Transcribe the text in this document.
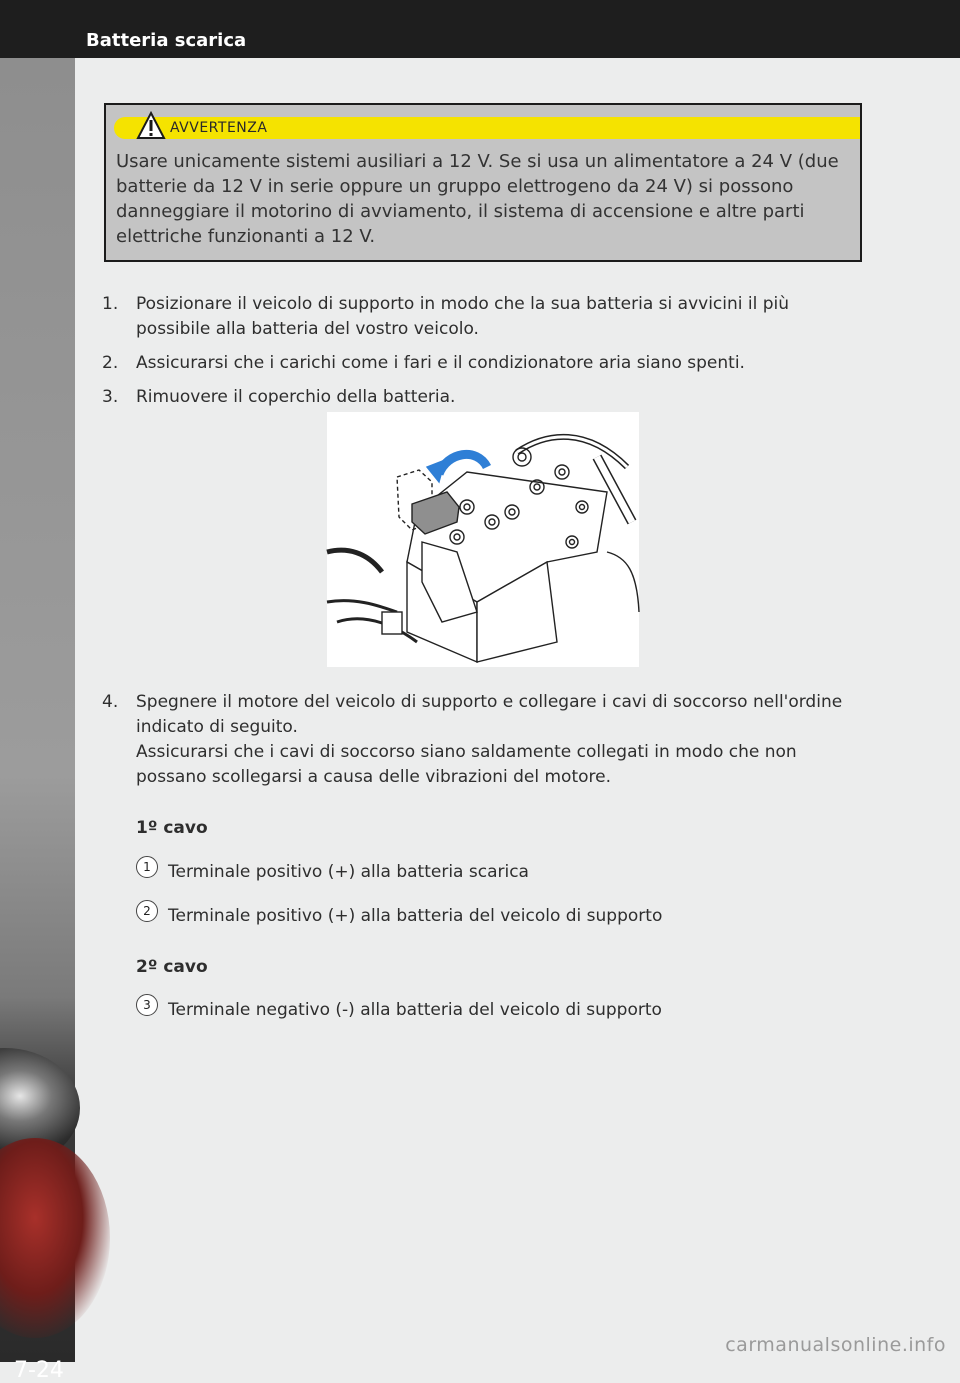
Batteria scarica
7-24
AVVERTENZA
Usare unicamente sistemi ausiliari a 12 V. Se si usa un alimentatore a 24 V (due batterie da 12 V in serie oppure un gruppo elettrogeno da 24 V) si possono danneggiare il motorino di avviamento, il sistema di accensione e altre parti elettriche funzionanti a 12 V.
1. Posizionare il veicolo di supporto in modo che la sua batteria si avvicini il più possibile alla batteria del vostro veicolo.
2. Assicurarsi che i carichi come i fari e il condizionatore aria siano spenti.
3. Rimuovere il coperchio della batteria.
4. Spegnere il motore del veicolo di supporto e collegare i cavi di soccorso nell'ordine indicato di seguito.
Assicurarsi che i cavi di soccorso siano saldamente collegati in modo che non possano scollegarsi a causa delle vibrazioni del motore.
1º cavo
1 Terminale positivo (+) alla batteria scarica
2 Terminale positivo (+) alla batteria del veicolo di supporto
2º cavo
3 Terminale negativo (-) alla batteria del veicolo di supporto
carmanualsonline.info
